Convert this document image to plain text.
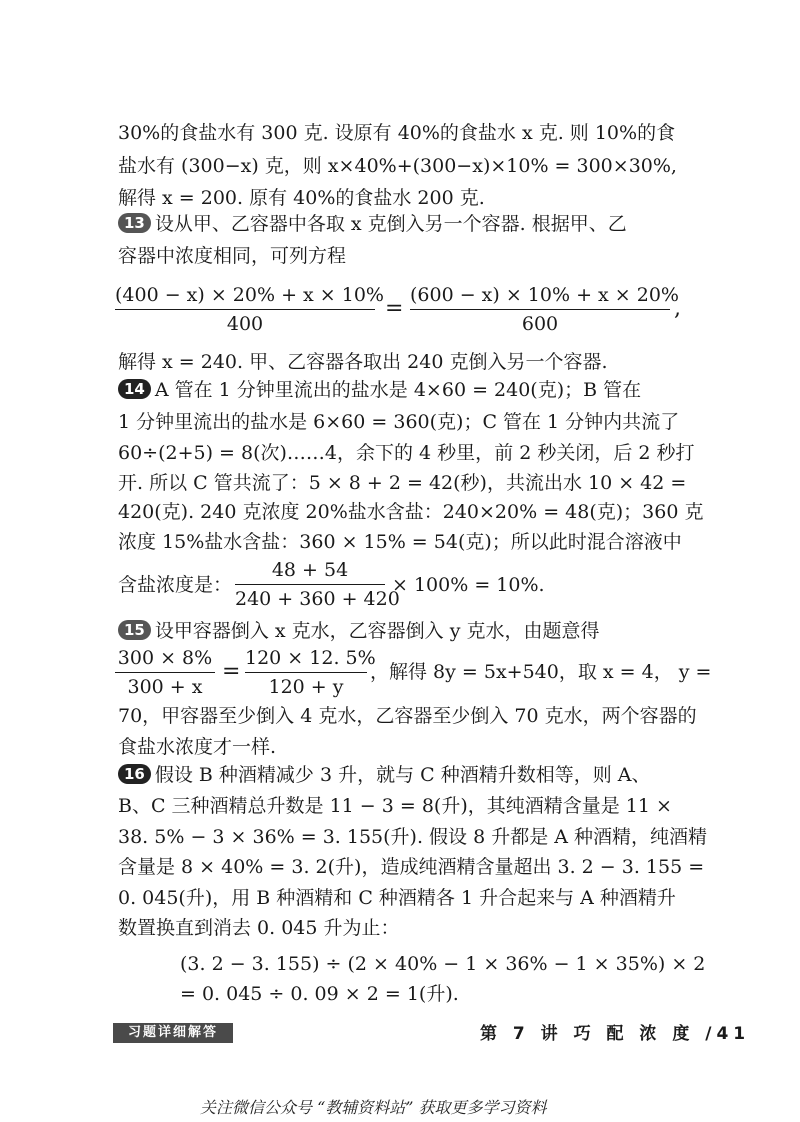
30%的食盐水有 300 克. 设原有 40%的食盐水 x 克. 则 10%的食
盐水有 (300−x) 克，则 x×40%+(300−x)×10% = 300×30%,
解得 x = 200. 原有 40%的食盐水 200 克.
13 设从甲、乙容器中各取 x 克倒入另一个容器. 根据甲、乙
容器中浓度相同，可列方程
(400 − x) × 20% + x × 10%
400
=
(600 − x) × 10% + x × 20%
600
,
解得 x = 240. 甲、乙容器各取出 240 克倒入另一个容器.
14 A 管在 1 分钟里流出的盐水是 4×60 = 240(克)；B 管在
1 分钟里流出的盐水是 6×60 = 360(克)；C 管在 1 分钟内共流了
60÷(2+5) = 8(次)……4，余下的 4 秒里，前 2 秒关闭，后 2 秒打
开. 所以 C 管共流了：5 × 8 + 2 = 42(秒)，共流出水 10 × 42 =
420(克). 240 克浓度 20%盐水含盐：240×20% = 48(克)；360 克
浓度 15%盐水含盐：360 × 15% = 54(克)；所以此时混合溶液中
含盐浓度是：
48 + 54
240 + 360 + 420
× 100% = 10%.
15 设甲容器倒入 x 克水，乙容器倒入 y 克水，由题意得
300 × 8%
300 + x
=
120 × 12. 5%
120 + y
，解得 8y = 5x+540，取 x = 4， y =
70，甲容器至少倒入 4 克水，乙容器至少倒入 70 克水，两个容器的
食盐水浓度才一样.
16 假设 B 种酒精减少 3 升，就与 C 种酒精升数相等，则 A、
B、C 三种酒精总升数是 11 − 3 = 8(升)，其纯酒精含量是 11 ×
38. 5% − 3 × 36% = 3. 155(升). 假设 8 升都是 A 种酒精，纯酒精
含量是 8 × 40% = 3. 2(升)，造成纯酒精含量超出 3. 2 − 3. 155 =
0. 045(升)，用 B 种酒精和 C 种酒精各 1 升合起来与 A 种酒精升
数置换直到消去 0. 045 升为止：
(3. 2 − 3. 155) ÷ (2 × 40% − 1 × 36% − 1 × 35%) × 2
= 0. 045 ÷ 0. 09 × 2 = 1(升).
习题详细解答	第 7 讲 巧 配 浓 度 /41
关注微信公众号 “教辅资料站” 获取更多学习资料
